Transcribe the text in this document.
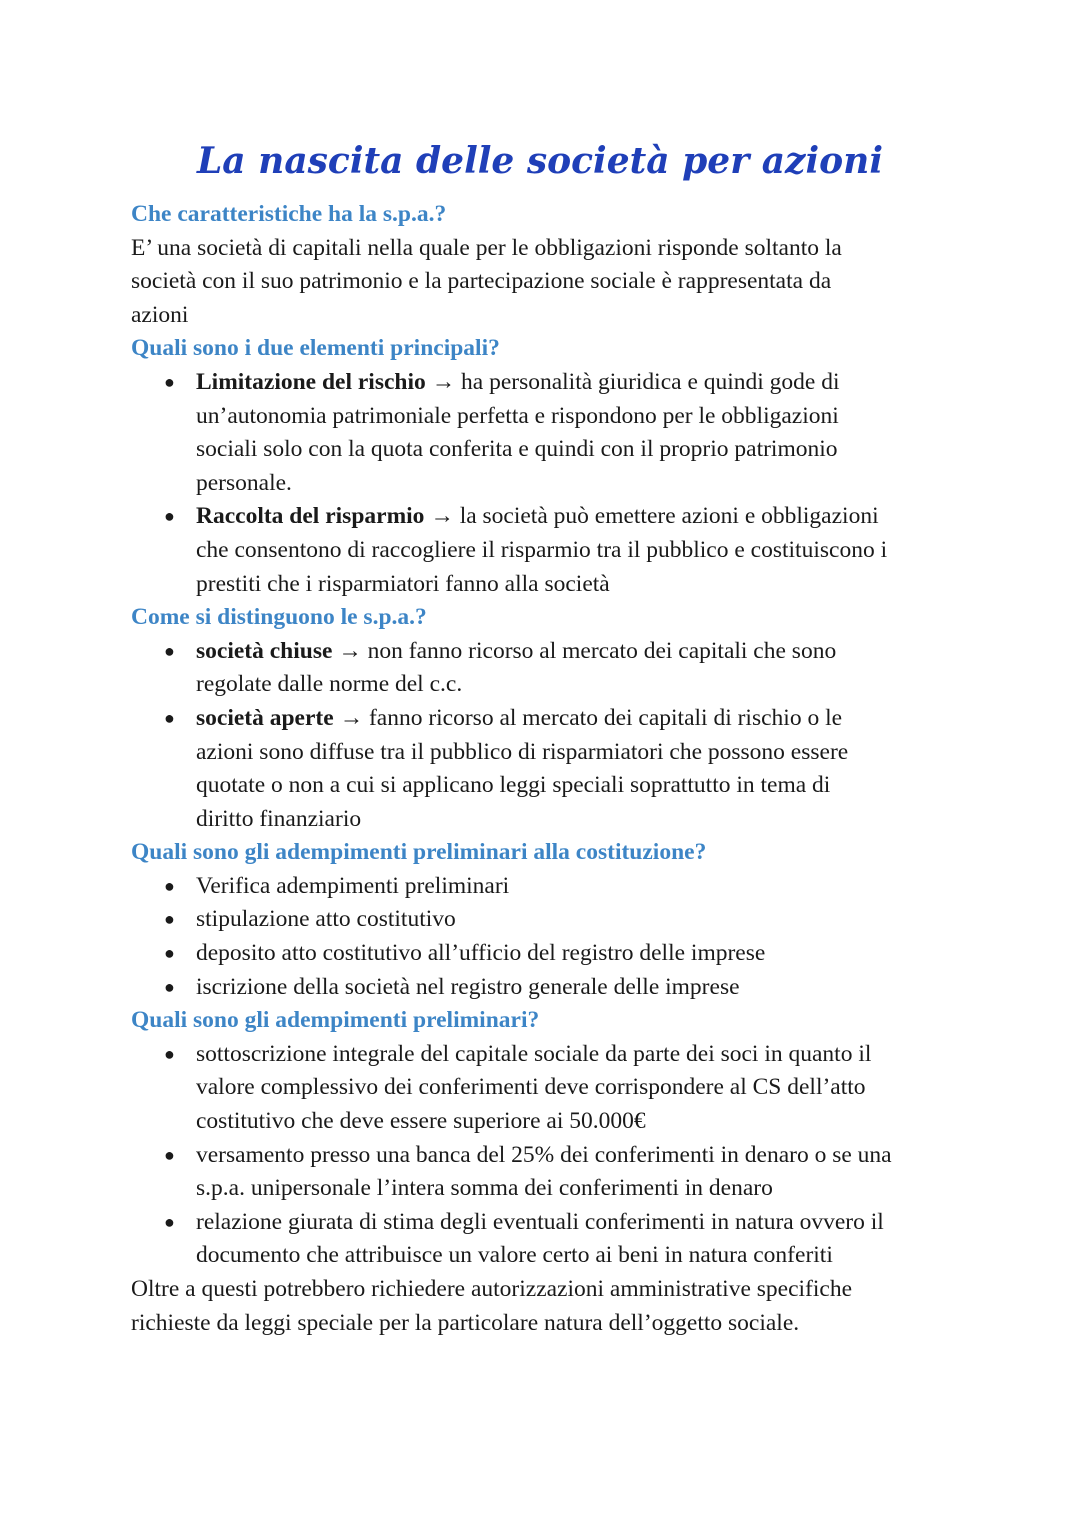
La nascita delle società per azioni
Che caratteristiche ha la s.p.a.?
E’ una società di capitali nella quale per le obbligazioni risponde soltanto la
società con il suo patrimonio e la partecipazione sociale è rappresentata da
azioni
Quali sono i due elementi principali?
● Limitazione del rischio → ha personalità giuridica e quindi gode di
un’autonomia patrimoniale perfetta e rispondono per le obbligazioni
sociali solo con la quota conferita e quindi con il proprio patrimonio
personale.
● Raccolta del risparmio → la società può emettere azioni e obbligazioni
che consentono di raccogliere il risparmio tra il pubblico e costituiscono i
prestiti che i risparmiatori fanno alla società
Come si distinguono le s.p.a.?
● società chiuse → non fanno ricorso al mercato dei capitali che sono
regolate dalle norme del c.c.
● società aperte → fanno ricorso al mercato dei capitali di rischio o le
azioni sono diffuse tra il pubblico di risparmiatori che possono essere
quotate o non a cui si applicano leggi speciali soprattutto in tema di
diritto finanziario
Quali sono gli adempimenti preliminari alla costituzione?
● Verifica adempimenti preliminari
● stipulazione atto costitutivo
● deposito atto costitutivo all’ufficio del registro delle imprese
● iscrizione della società nel registro generale delle imprese
Quali sono gli adempimenti preliminari?
● sottoscrizione integrale del capitale sociale da parte dei soci in quanto il
valore complessivo dei conferimenti deve corrispondere al CS dell’atto
costitutivo che deve essere superiore ai 50.000€
● versamento presso una banca del 25% dei conferimenti in denaro o se una
s.p.a. unipersonale l’intera somma dei conferimenti in denaro
● relazione giurata di stima degli eventuali conferimenti in natura ovvero il
documento che attribuisce un valore certo ai beni in natura conferiti
Oltre a questi potrebbero richiedere autorizzazioni amministrative specifiche
richieste da leggi speciale per la particolare natura dell’oggetto sociale.
